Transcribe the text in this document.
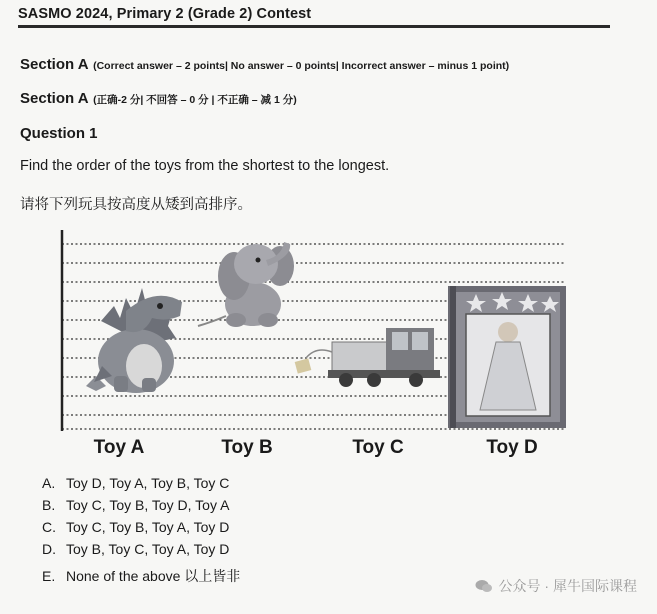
SASMO 2024, Primary 2 (Grade 2) Contest
Section A (Correct answer – 2 points| No answer – 0 points| Incorrect answer – minus 1 point)
Section A (正确-2 分| 不回答 – 0 分 | 不正确 – 减 1 分)
Question 1
Find the order of the toys from the shortest to the longest.
请将下列玩具按高度从矮到高排序。
Toy A	Toy B	Toy C	Toy D
A. Toy D, Toy A, Toy B, Toy C
B. Toy C, Toy B, Toy D, Toy A
C. Toy C, Toy B, Toy A, Toy D
D. Toy B, Toy C, Toy A, Toy D
E. None of the above 以上皆非
公众号 · 犀牛国际课程
